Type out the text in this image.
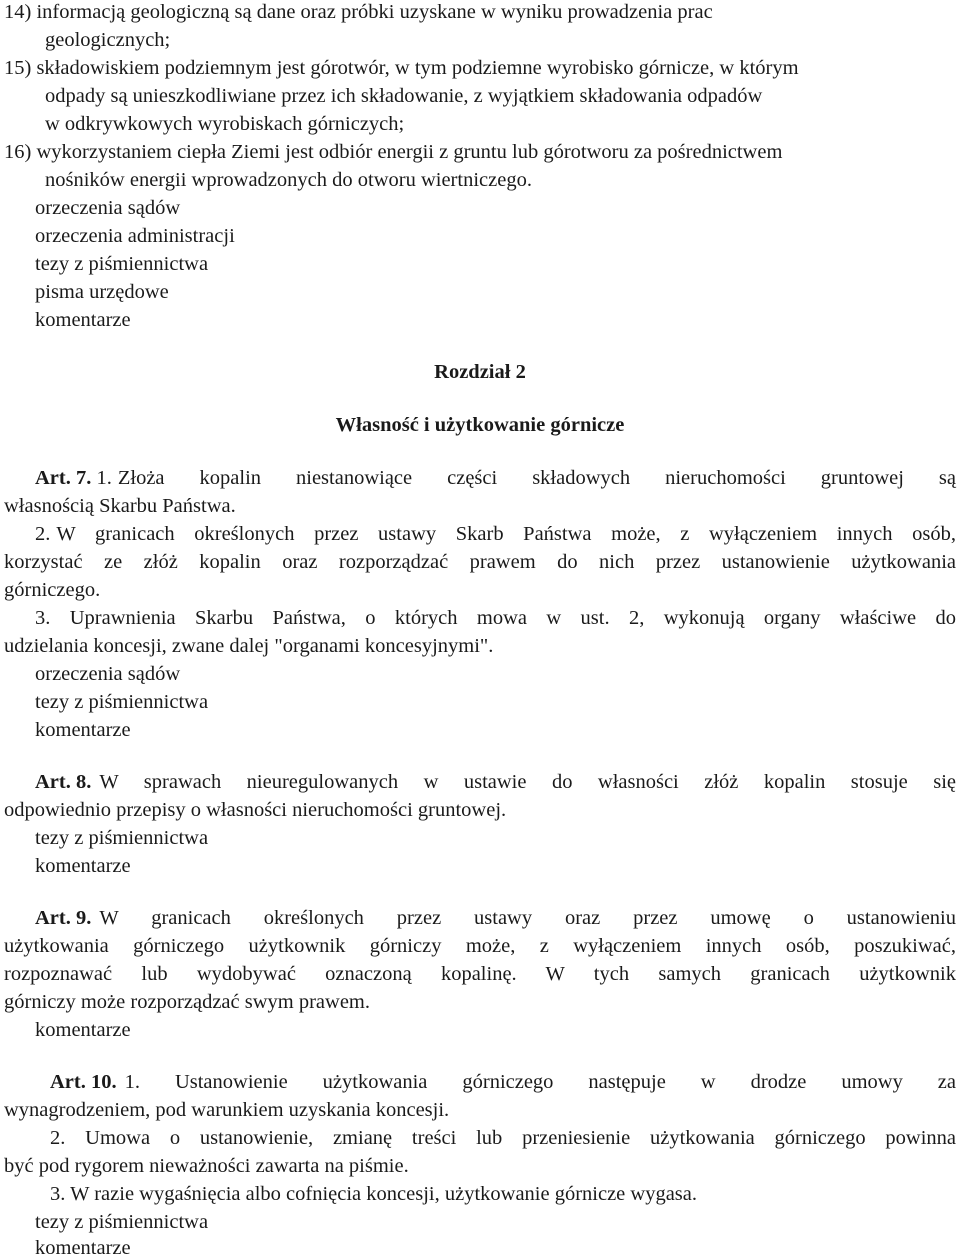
14) informacją geologiczną są dane oraz próbki uzyskane w wyniku prowadzenia prac
geologicznych;
15) składowiskiem podziemnym jest górotwór, w tym podziemne wyrobisko górnicze, w którym
odpady są unieszkodliwiane przez ich składowanie, z wyjątkiem składowania odpadów
w odkrywkowych wyrobiskach górniczych;
16) wykorzystaniem ciepła Ziemi jest odbiór energii z gruntu lub górotworu za pośrednictwem
nośników energii wprowadzonych do otworu wiertniczego.
orzeczenia sądów
orzeczenia administracji
tezy z piśmiennictwa
pisma urzędowe
komentarze
Rozdział 2
Własność i użytkowanie górnicze
Art. 7. 1. Złoża kopalin niestanowiące części składowych nieruchomości gruntowej są
własnością Skarbu Państwa.
2. W granicach określonych przez ustawy Skarb Państwa może, z wyłączeniem innych osób,
korzystać ze złóż kopalin oraz rozporządzać prawem do nich przez ustanowienie użytkowania
górniczego.
3. Uprawnienia Skarbu Państwa, o których mowa w ust. 2, wykonują organy właściwe do
udzielania koncesji, zwane dalej "organami koncesyjnymi".
orzeczenia sądów
tezy z piśmiennictwa
komentarze
Art. 8. W sprawach nieuregulowanych w ustawie do własności złóż kopalin stosuje się
odpowiednio przepisy o własności nieruchomości gruntowej.
tezy z piśmiennictwa
komentarze
Art. 9. W granicach określonych przez ustawy oraz przez umowę o ustanowieniu
użytkowania górniczego użytkownik górniczy może, z wyłączeniem innych osób, poszukiwać,
rozpoznawać lub wydobywać oznaczoną kopalinę. W tych samych granicach użytkownik
górniczy może rozporządzać swym prawem.
komentarze
Art. 10. 1. Ustanowienie użytkowania górniczego następuje w drodze umowy za
wynagrodzeniem, pod warunkiem uzyskania koncesji.
2. Umowa o ustanowienie, zmianę treści lub przeniesienie użytkowania górniczego powinna
być pod rygorem nieważności zawarta na piśmie.
3. W razie wygaśnięcia albo cofnięcia koncesji, użytkowanie górnicze wygasa.
tezy z piśmiennictwa
komentarze
